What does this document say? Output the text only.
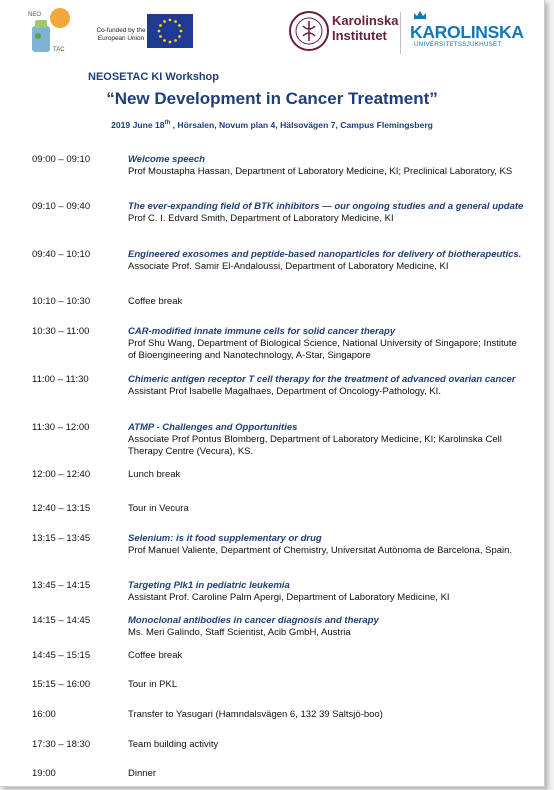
NEO
TAC
Co-funded by the European Union
Karolinska Institutet	KAROLINSKA
UNIVERSITETSSJUKHUSET
NEOSETAC KI Workshop
“New Development in Cancer Treatment”
2019 June 18th , Hörsalen, Novum plan 4, Hälsovägen 7, Campus Flemingsberg
09:00 – 09:10	Welcome speech
Prof Moustapha Hassan, Department of Laboratory Medicine, KI; Preclinical Laboratory, KS
09:10 – 09:40	The ever-expanding field of BTK inhibitors — our ongoing studies and a general update
Prof C. I. Edvard Smith, Department of Laboratory Medicine, KI
09:40 – 10:10	Engineered exosomes and peptide-based nanoparticles for delivery of biotherapeutics.
Associate Prof. Samir El-Andaloussi, Department of Laboratory Medicine, KI
10:10 – 10:30	Coffee break
10:30 – 11:00	CAR-modified innate immune cells for solid cancer therapy
Prof Shu Wang, Department of Biological Science, National University of Singapore; Institute of Bioengineering and Nanotechnology, A-Star, Singapore
11:00 – 11:30	Chimeric antigen receptor T cell therapy for the treatment of advanced ovarian cancer
Assistant Prof Isabelle Magalhaes, Department of Oncology-Pathology, KI.
11:30 – 12:00	ATMP - Challenges and Opportunities
Associate Prof Pontus Blomberg, Department of Laboratory Medicine, KI; Karolinska Cell Therapy Centre (Vecura), KS.
12:00 – 12:40	Lunch break
12:40 – 13:15	Tour in Vecura
13:15 – 13:45	Selenium: is it food supplementary or drug
Prof Manuel Valiente, Department of Chemistry, Universitat Autònoma de Barcelona, Spain.
13:45 – 14:15	Targeting Plk1 in pediatric leukemia
Assistant Prof. Caroline Palm Apergi, Department of Laboratory Medicine, KI
14:15 – 14:45	Monoclonal antibodies in cancer diagnosis and therapy
Ms. Meri Galindo, Staff Scientist, Acib GmbH, Austria
14:45 – 15:15	Coffee break
15:15 – 16:00	Tour in PKL
16:00	Transfer to Yasugari (Hamndalsvägen 6, 132 39 Saltsjö-boo)
17:30 – 18:30	Team building activity
19:00	Dinner
